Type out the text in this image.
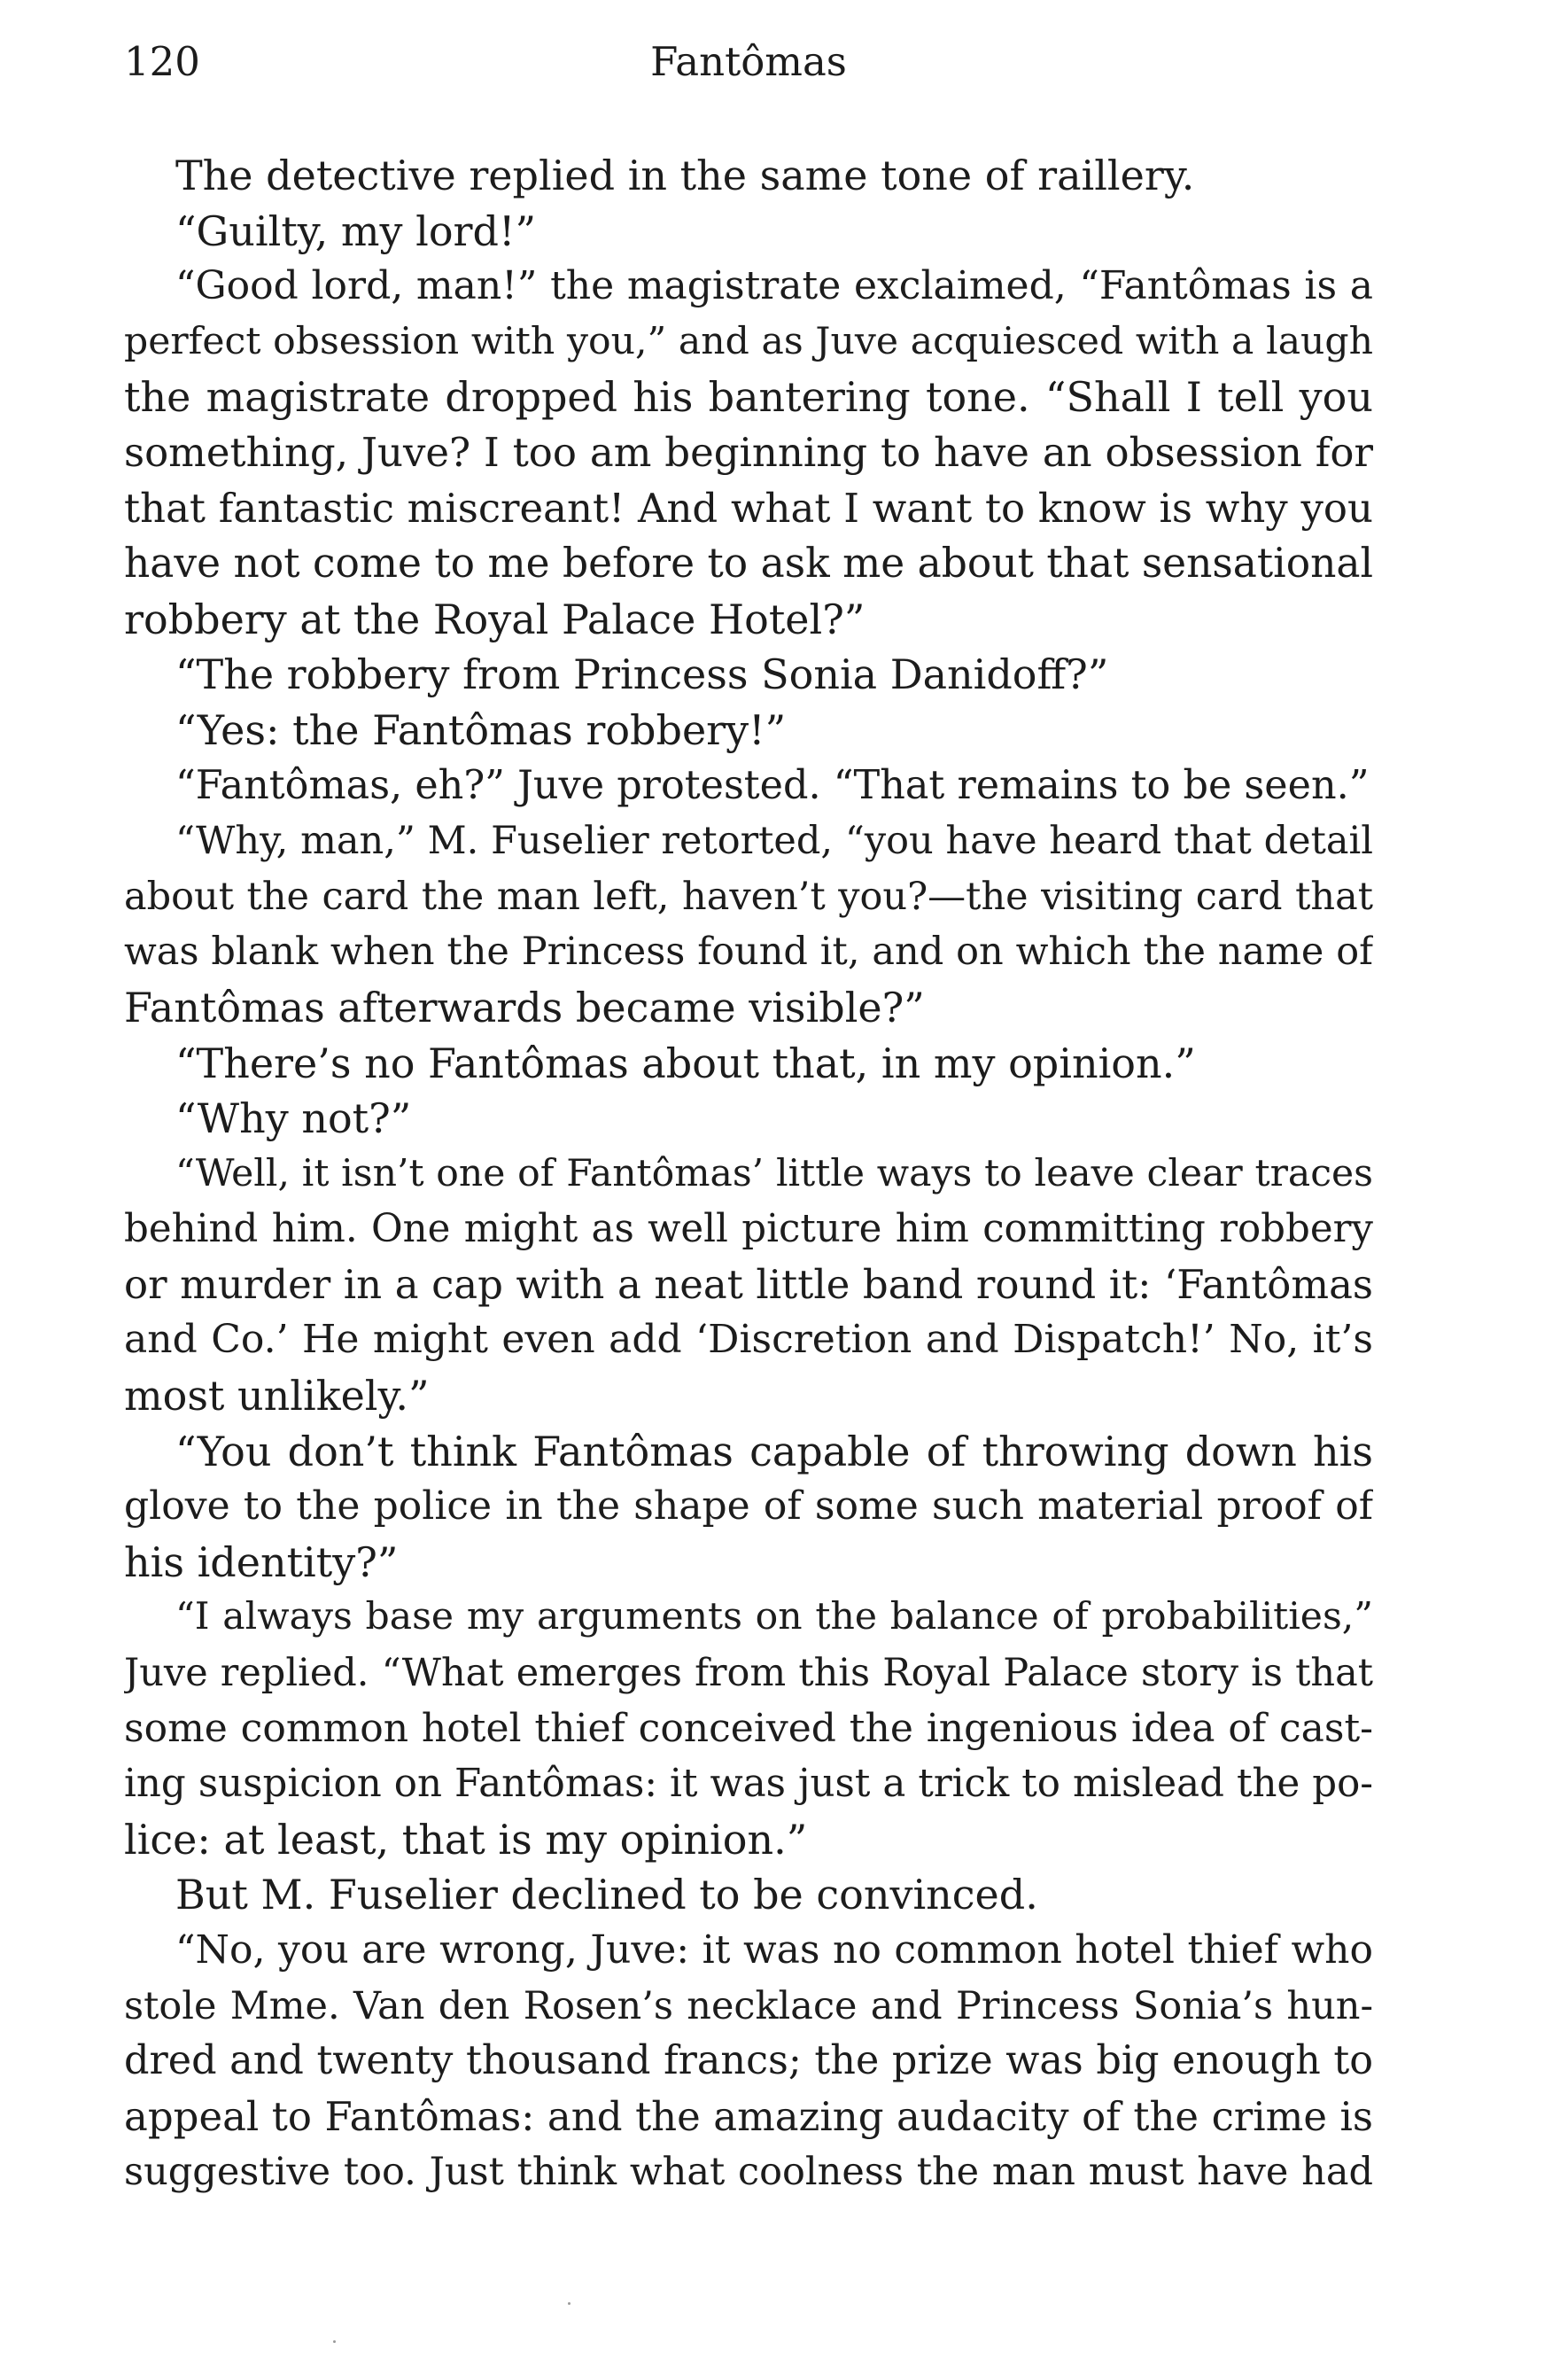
120	Fantômas
The detective replied in the same tone of raillery.
“Guilty, my lord!”
“Good lord, man!” the magistrate exclaimed, “Fantômas is a
perfect obsession with you,” and as Juve acquiesced with a laugh
the magistrate dropped his bantering tone. “Shall I tell you
something, Juve? I too am beginning to have an obsession for
that fantastic miscreant! And what I want to know is why you
have not come to me before to ask me about that sensational
robbery at the Royal Palace Hotel?”
“The robbery from Princess Sonia Danidoff?”
“Yes: the Fantômas robbery!”
“Fantômas, eh?” Juve protested. “That remains to be seen.”
“Why, man,” M. Fuselier retorted, “you have heard that detail
about the card the man left, haven’t you?—the visiting card that
was blank when the Princess found it, and on which the name of
Fantômas afterwards became visible?”
“There’s no Fantômas about that, in my opinion.”
“Why not?”
“Well, it isn’t one of Fantômas’ little ways to leave clear traces
behind him. One might as well picture him committing robbery
or murder in a cap with a neat little band round it: ‘Fantômas
and Co.’ He might even add ‘Discretion and Dispatch!’ No, it’s
most unlikely.”
“You don’t think Fantômas capable of throwing down his
glove to the police in the shape of some such material proof of
his identity?”
“I always base my arguments on the balance of probabilities,”
Juve replied. “What emerges from this Royal Palace story is that
some common hotel thief conceived the ingenious idea of cast-
ing suspicion on Fantômas: it was just a trick to mislead the po-
lice: at least, that is my opinion.”
But M. Fuselier declined to be convinced.
“No, you are wrong, Juve: it was no common hotel thief who
stole Mme. Van den Rosen’s necklace and Princess Sonia’s hun-
dred and twenty thousand francs; the prize was big enough to
appeal to Fantômas: and the amazing audacity of the crime is
suggestive too. Just think what coolness the man must have had
